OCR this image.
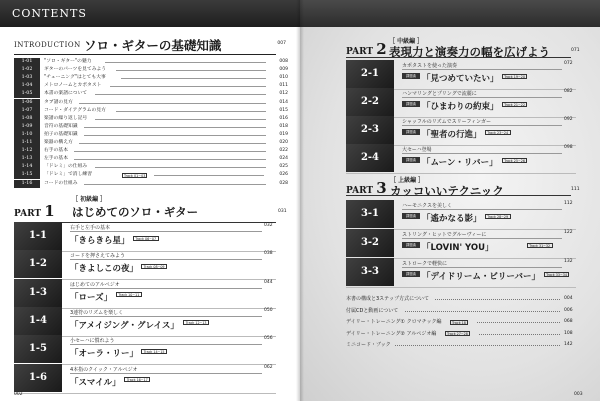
CONTENTS
INTRODUCTION ソロ・ギターの基礎知識	007
1-01	"ソロ・ギター"の魅力	008
1-02	ギターのパーツを見てみよう	009
1-03	"チューニング"はとても大事	010
1-04	メトロノームとカポタスト	011
1-05	本書の楽譜について	012
1-06	タブ譜の見方	014
1-07	コード・ダイアグラムの見方	015
1-08	楽譜の繰り返し記号	016
1-09	音符の基礎知識	018
1-10	拍子の基礎知識	019
1-11	楽器の構え方	020
1-12	右手の基本	022
1-13	左手の基本	024
1-14	「ドレミ」の仕組み	025
1-15	「ドレミ」で消し練習	Track 01~03	026
1-16	コードの仕組み	028
PART 1
［ 初級編 ］
はじめてのソロ・ギター	031
1-1
右手と左手の基本
「きらきら星」	Track 06~07
032
1-2
コードを押さえてみよう
「きよしこの夜」	Track 08~09
038
1-3
はじめてのアルペジオ
「ローズ」	Track 10~11
044
1-4
3連符のリズムを楽しく
「アメイジング・グレイス」	Track 12~13
050
1-5
小セーハに慣れよう
「オーラ・リー」	Track 14~15
056
1-6
4本指のクイック・アルペジオ
「スマイル」	Track 16~17
062
PART 2 ［ 中級編 ］
表現力と演奏力の幅を広げよう	071
2-1
カポタストを使った演奏
課題曲 「見つめていたい」	Track 19~20
072
2-2
ハンマリングとプリングで流麗に
課題曲 「ひまわりの約束」	Track 21~22
082
2-3
シャッフルのリズムでスリーフィンガー
課題曲 「聖者の行進」	Track 23~24
092
2-4
大セーハ登場
課題曲 「ムーン・リバー」	Track 25~26
098
PART 3 ［ 上級編 ］
カッコいいテクニック	111
3-1
ハーモニクスを美しく
課題曲 「遙かなる影」	Track 28~29
112
3-2
ストリング・ヒットでグルーヴィーに
課題曲 「LOVIN' YOU」	Track 31~32
122
3-3
ストロークで軽快に
課題曲 「デイドリーム・ビリーバー」	Track 33~34
132
本書の構成と3ステップ方式について	004
付属CDと動画について	006
デイリー・トレーニング① クロマチック編	Track 18	068
デイリー・トレーニング② アルペジオ編	Track 27~28	108
ミニコード・ブック	142
002	003
